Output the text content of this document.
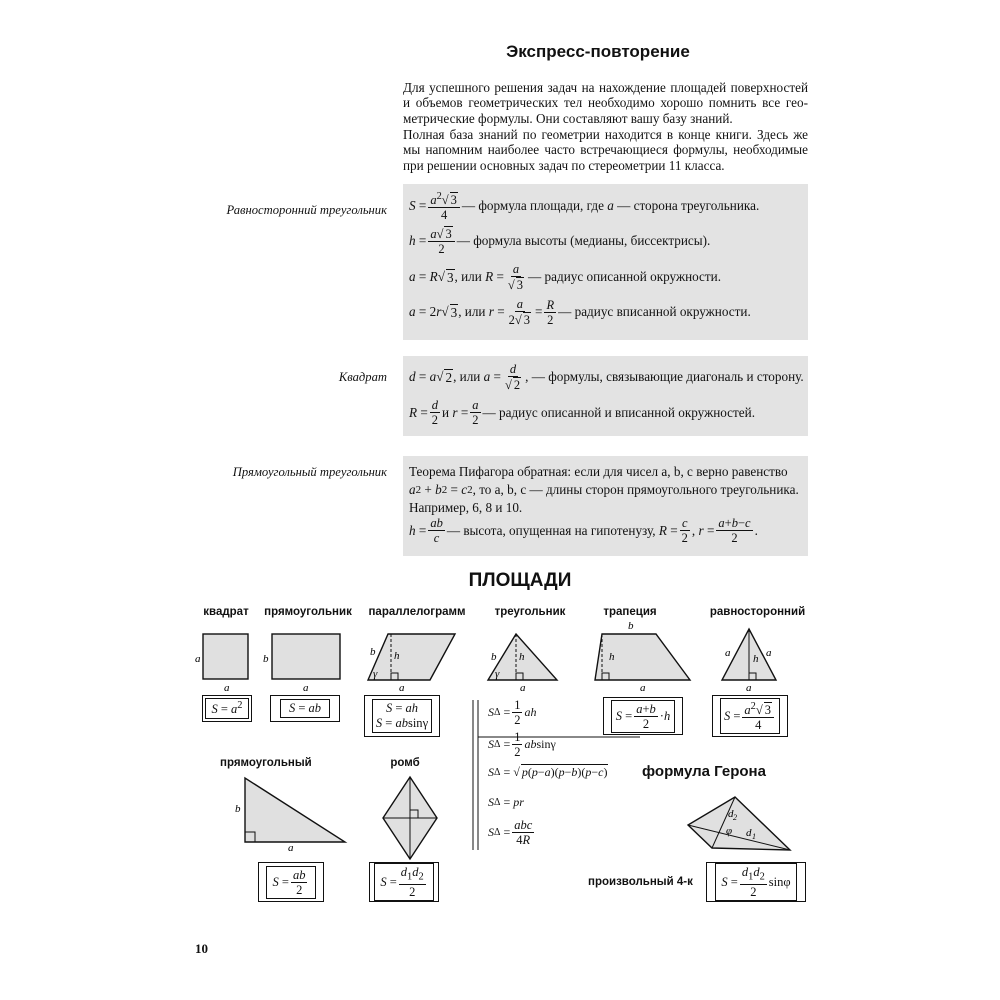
Экспресс-повторение
Для успешного решения задач на нахождение площадей поверхностей и объемов геометрических тел необходимо хорошо помнить все гео-метрические формулы. Они составляют вашу базу знаний.
Полная база знаний по геометрии находится в конце книги. Здесь же мы напомним наиболее часто встречающиеся формулы, необходимые при решении основных задач по стереометрии 11 класса.
Равносторонний треугольник $S = a^2√$ 3
4
— формула площади, где
a
— сторона треугольника.
h = a√ 3
2
— формула высоты (медианы, биссектрисы).
a = R √ 3 , или
R = a
√ 3
— радиус описанной окружности.
a = 2 r √ 3 , или
r = a
2√ 3
= R
2
— радиус вписанной окружности.
Квадрат d = a √ 2 , или
a = d
√ 2
, — формулы, связывающие диагональ и сторону.
R = d
2
и
r = a
2
— радиус описанной и вписанной окружностей.
Прямоугольный треугольник Теорема Пифагора обратная: если для чисел a, b, c верно равенство
a 2 + b 2 = c 2 , то a, b, c — длины сторон прямоугольного треугольника.
Например, 6, 8 и 10.
h = ab
c
— высота, опущенная на гипотенузу,
R = c
2
, r = a+b−c
2
.
ПЛОЩАДИ
квадрат	прямоугольник	параллелограмм	треугольник	трапеция	равносторонний
прямоугольный	ромб
a
a
b
a
b h
γ
a
b h
γ
a
b
h
a
a h a
a
b
a
d 2
φ d 1
$S = a^2$	S = ab	S = ah
S = absinγ
S = a+b
2
· h	$S = a^2√$ 3
4
S = ab
2
S =
$d_1d_2$
2
S =
$d_1d_2$
2
sin φ
S Δ = 1
2
ah
S Δ = 1
2
ab sin γ
S Δ = √ p(p−a)(p−b)(p−c) формула Герона
S Δ = pr
S Δ = abc
4R
произвольный 4-к
10
